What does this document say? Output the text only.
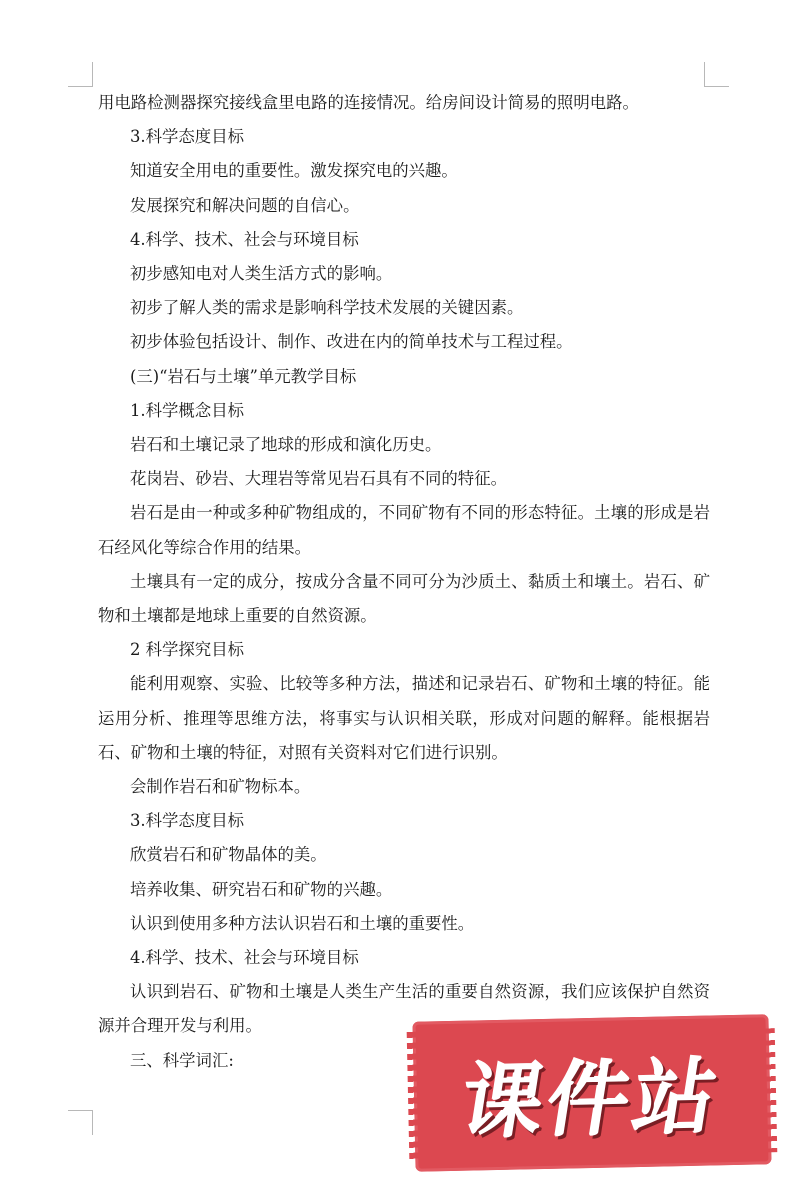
用电路检测器探究接线盒里电路的连接情况。给房间设计简易的照明电路。

3.科学态度目标

知道安全用电的重要性。激发探究电的兴趣。

发展探究和解决问题的自信心。

4.科学、技术、社会与环境目标

初步感知电对人类生活方式的影响。

初步了解人类的需求是影响科学技术发展的关键因素。

初步体验包括设计、制作、改进在内的简单技术与工程过程。

(三)“岩石与土壤”单元教学目标

1.科学概念目标

岩石和土壤记录了地球的形成和演化历史。

花岗岩、砂岩、大理岩等常见岩石具有不同的特征。

岩石是由一种或多种矿物组成的，不同矿物有不同的形态特征。土壤的形成是岩石经风化等综合作用的结果。

土壤具有一定的成分，按成分含量不同可分为沙质土、黏质土和壤土。岩石、矿物和土壤都是地球上重要的自然资源。

2 科学探究目标

能利用观察、实验、比较等多种方法，描述和记录岩石、矿物和土壤的特征。能运用分析、推理等思维方法，将事实与认识相关联，形成对问题的解释。能根据岩石、矿物和土壤的特征，对照有关资料对它们进行识别。

会制作岩石和矿物标本。

3.科学态度目标

欣赏岩石和矿物晶体的美。

培养收集、研究岩石和矿物的兴趣。

认识到使用多种方法认识岩石和土壤的重要性。

4.科学、技术、社会与环境目标

认识到岩石、矿物和土壤是人类生产生活的重要自然资源，我们应该保护自然资源并合理开发与利用。

三、科学词汇:	课件站
